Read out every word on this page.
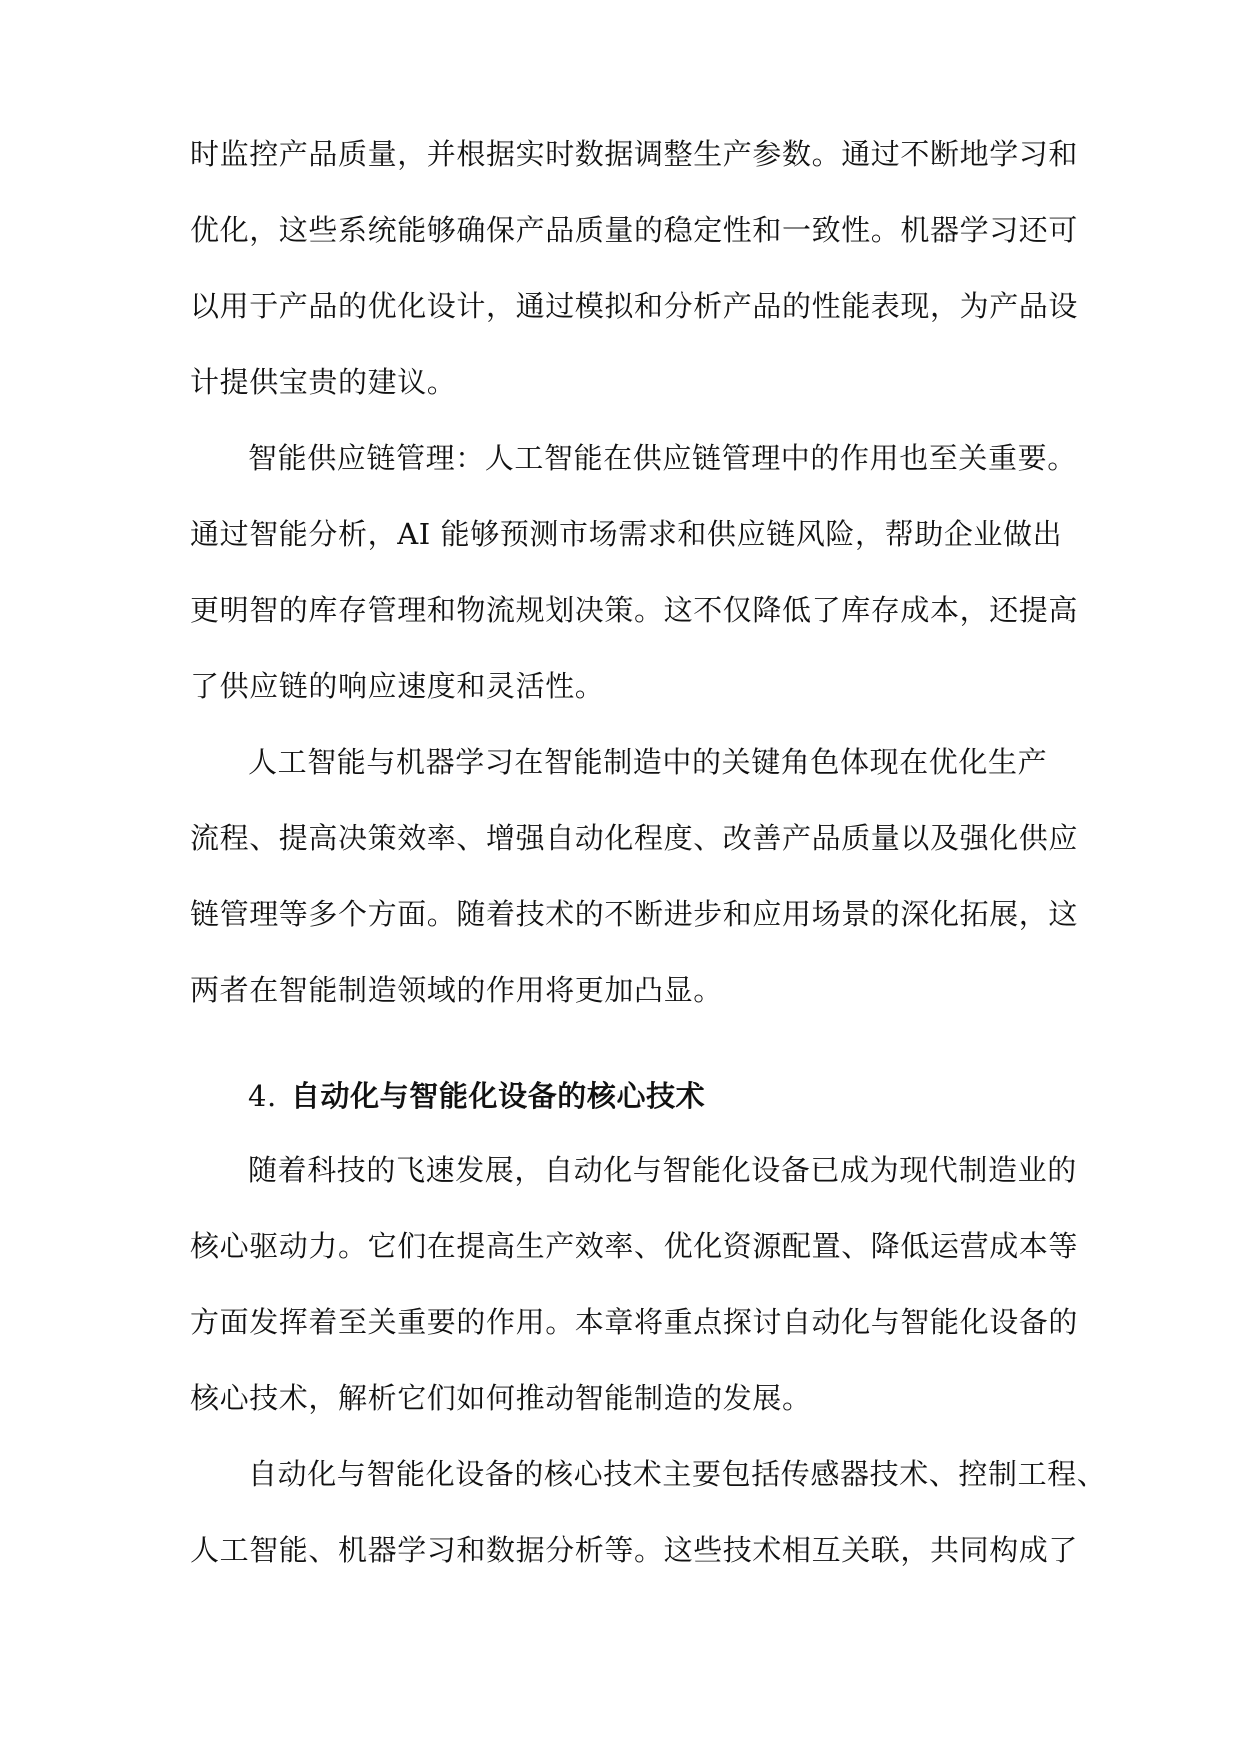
时监控产品质量，并根据实时数据调整生产参数。通过不断地学习和
优化，这些系统能够确保产品质量的稳定性和一致性。机器学习还可
以用于产品的优化设计，通过模拟和分析产品的性能表现，为产品设
计提供宝贵的建议。
智能供应链管理：人工智能在供应链管理中的作用也至关重要。
通过智能分析，AI 能够预测市场需求和供应链风险，帮助企业做出
更明智的库存管理和物流规划决策。这不仅降低了库存成本，还提高
了供应链的响应速度和灵活性。
人工智能与机器学习在智能制造中的关键角色体现在优化生产
流程、提高决策效率、增强自动化程度、改善产品质量以及强化供应
链管理等多个方面。随着技术的不断进步和应用场景的深化拓展，这
两者在智能制造领域的作用将更加凸显。
4. 自动化与智能化设备的核心技术
随着科技的飞速发展，自动化与智能化设备已成为现代制造业的
核心驱动力。它们在提高生产效率、优化资源配置、降低运营成本等
方面发挥着至关重要的作用。本章将重点探讨自动化与智能化设备的
核心技术，解析它们如何推动智能制造的发展。
自动化与智能化设备的核心技术主要包括传感器技术、控制工程、
人工智能、机器学习和数据分析等。这些技术相互关联，共同构成了
